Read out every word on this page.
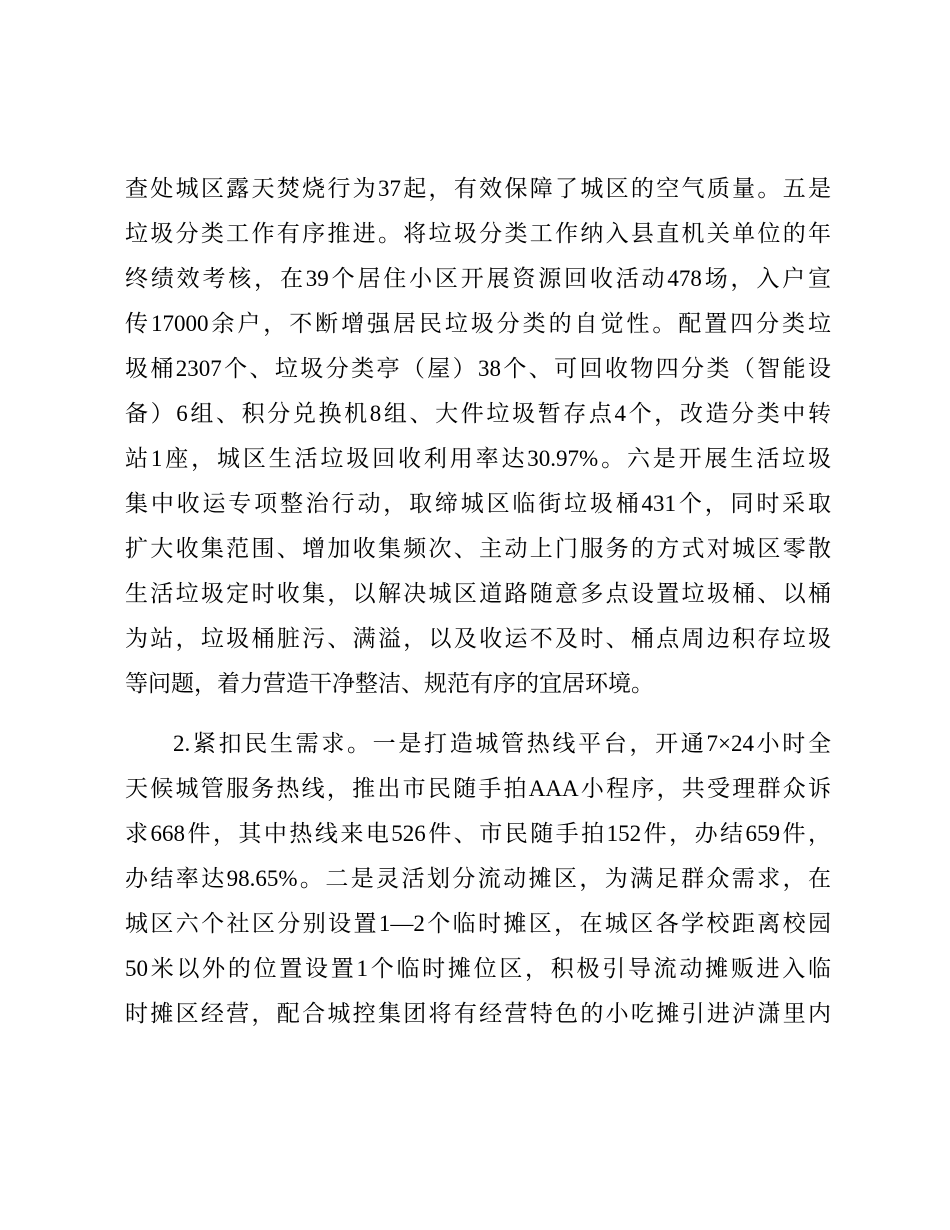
查处城区露天焚烧行为37起，有效保障了城区的空气质量。五是
垃圾分类工作有序推进。将垃圾分类工作纳入县直机关单位的年
终绩效考核，在39个居住小区开展资源回收活动478场，入户宣
传17000余户，不断增强居民垃圾分类的自觉性。配置四分类垃
圾桶2307个、垃圾分类亭（屋）38个、可回收物四分类（智能设
备）6组、积分兑换机8组、大件垃圾暂存点4个，改造分类中转
站1座，城区生活垃圾回收利用率达30.97%。六是开展生活垃圾
集中收运专项整治行动，取缔城区临街垃圾桶431个，同时采取
扩大收集范围、增加收集频次、主动上门服务的方式对城区零散
生活垃圾定时收集，以解决城区道路随意多点设置垃圾桶、以桶
为站，垃圾桶脏污、满溢，以及收运不及时、桶点周边积存垃圾
等问题，着力营造干净整洁、规范有序的宜居环境。
2.紧扣民生需求。一是打造城管热线平台，开通7×24小时全
天候城管服务热线，推出市民随手拍AAA小程序，共受理群众诉
求668件，其中热线来电526件、市民随手拍152件，办结659件，
办结率达98.65%。二是灵活划分流动摊区，为满足群众需求，在
城区六个社区分别设置1—2个临时摊区，在城区各学校距离校园
50米以外的位置设置1个临时摊位区，积极引导流动摊贩进入临
时摊区经营，配合城控集团将有经营特色的小吃摊引进泸潇里内
